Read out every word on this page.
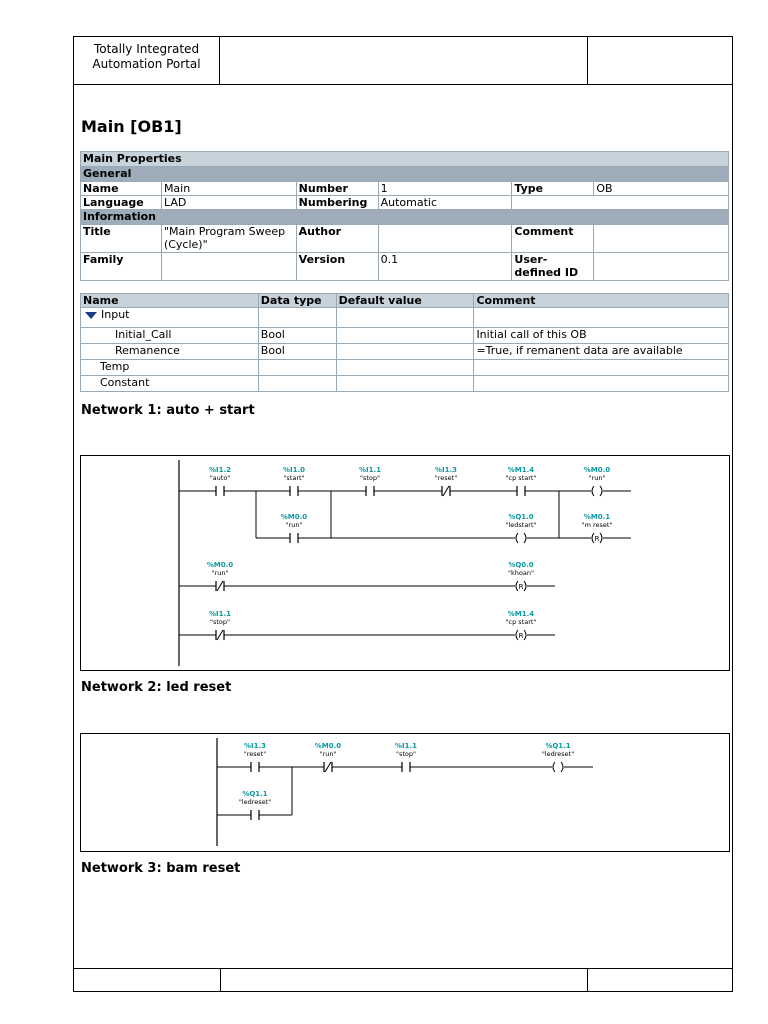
Totally Integrated
Automation Portal
Main [OB1]
Main Properties					
General					
Name	Main	Number	1	Type	OB
Language	LAD	Numbering	Automatic		
Information					
Title	"Main Program Sweep (Cycle)"	Author		Comment	
Family		Version	0.1	User-defined ID	
Name	Data type	Default value	Comment
Input			
Initial_Call	Bool		Initial call of this OB
Remanence	Bool		=True, if remanent data are available
Temp			
Constant			
Network 1: auto + start
%I1.2
"auto"
%I1.0
"start"
%I1.1
"stop"
%I1.3
"reset"
%M1.4
"cp start"
%M0.0
"run"
%M0.0
"run"
%Q1.0
"ledstart"
%M0.1
"m reset"
R
%M0.0
"run"
%Q0.0
"khoan"
R
%I1.1
"stop"
%M1.4
"cp start"
R
Network 2: led reset
%I1.3
"reset"
%M0.0
"run"
%I1.1
"stop"
%Q1.1
"ledreset"
%Q1.1
"ledreset"
Network 3: bam reset
